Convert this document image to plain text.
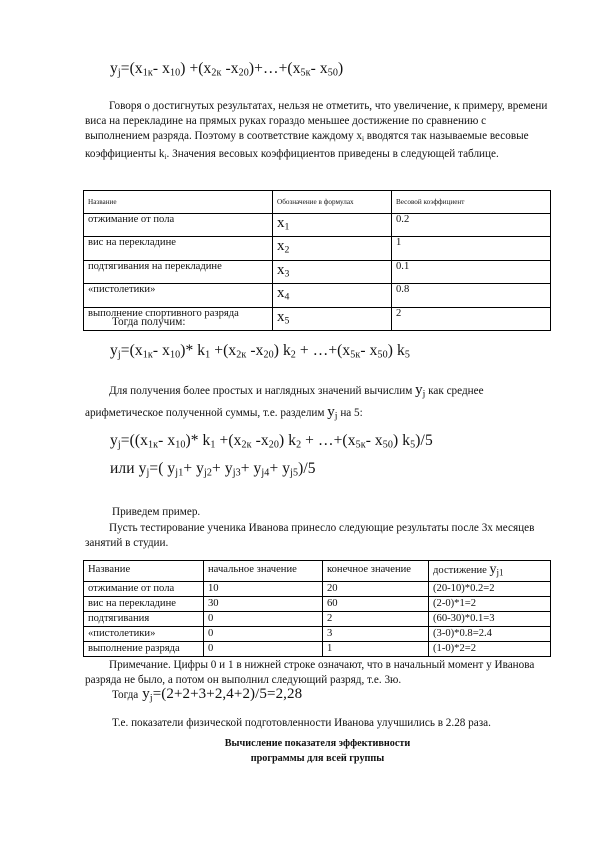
$y_j=(x_{1к}-$ $x_{10}) +(x_{2к}$ $-x_{20})+\dots+(x_{5к}-$ $x_{50}$)
Говоря о достигнутых результатах, нельзя не отметить, что увеличение, к примеру, времени виса на перекладине на прямых руках гораздо меньшее достижение по сравнению с выполнением разряда. Поэтому в соответствие каждому $x_i$ вводятся так называемые весовые коэффициенты $k_i$. Значения весовых коэффициентов приведены в следующей таблице.
Название	Обозначение в формулах	Весовой коэффициент
отжимание от пола	$x_1$	0.2
вис на перекладине	$x_2$	1
подтягивания на перекладине	$x_3$	0.1
«пистолетики»	$x_4$	0.8
выполнение спортивного разряда	$x_5$	2
Тогда получим:
$y_j=(x_{1к}-$ $x_{10})*$ $k_1 +(x_{2к}$ $-x_{20}$) $k_2$ + $\dots+(x_{5к}-$ $x_{50}$) $k_5$
Для получения более простых и наглядных значений вычислим $y_j$ как среднее арифметическое полученной суммы, т.е. разделим $y_j$ на 5:
$y_j=((x_{1к}-$ $x_{10})*$ $k_1 +(x_{2к}$ $-x_{20}$) $k_2$ + $\dots+(x_{5к}-$ $x_{50}$) $k_5)/5$
или $y_j=$( $y_{j1}+ y_{j2}+ y_{j3}+ y_{j4}+ y_{j5})/5$
Приведем пример.
Пусть тестирование ученика Иванова принесло следующие результаты после 3х месяцев занятий в студии.
Название	начальное значение	конечное значение	достижение $y_{j1}$
отжимание от пола	10	20	(20-10)*0.2=2
вис на перекладине	30	60	(2-0)*1=2
подтягивания	0	2	(60-30)*0.1=3
«пистолетики»	0	3	(3-0)*0.8=2.4
выполнение разряда	0	1	(1-0)*2=2
Примечание. Цифры 0 и 1 в нижней строке означают, что в начальный момент у Иванова разряда не было, а потом он выполнил следующий разряд, т.е. 3ю.
Тогда $y_j=(2+2+3+2,4+2)/5=2,28$
Т.е. показатели физической подготовленности Иванова улучшились в 2.28 раза.
Вычисление показателя эффективности
программы для всей группы
